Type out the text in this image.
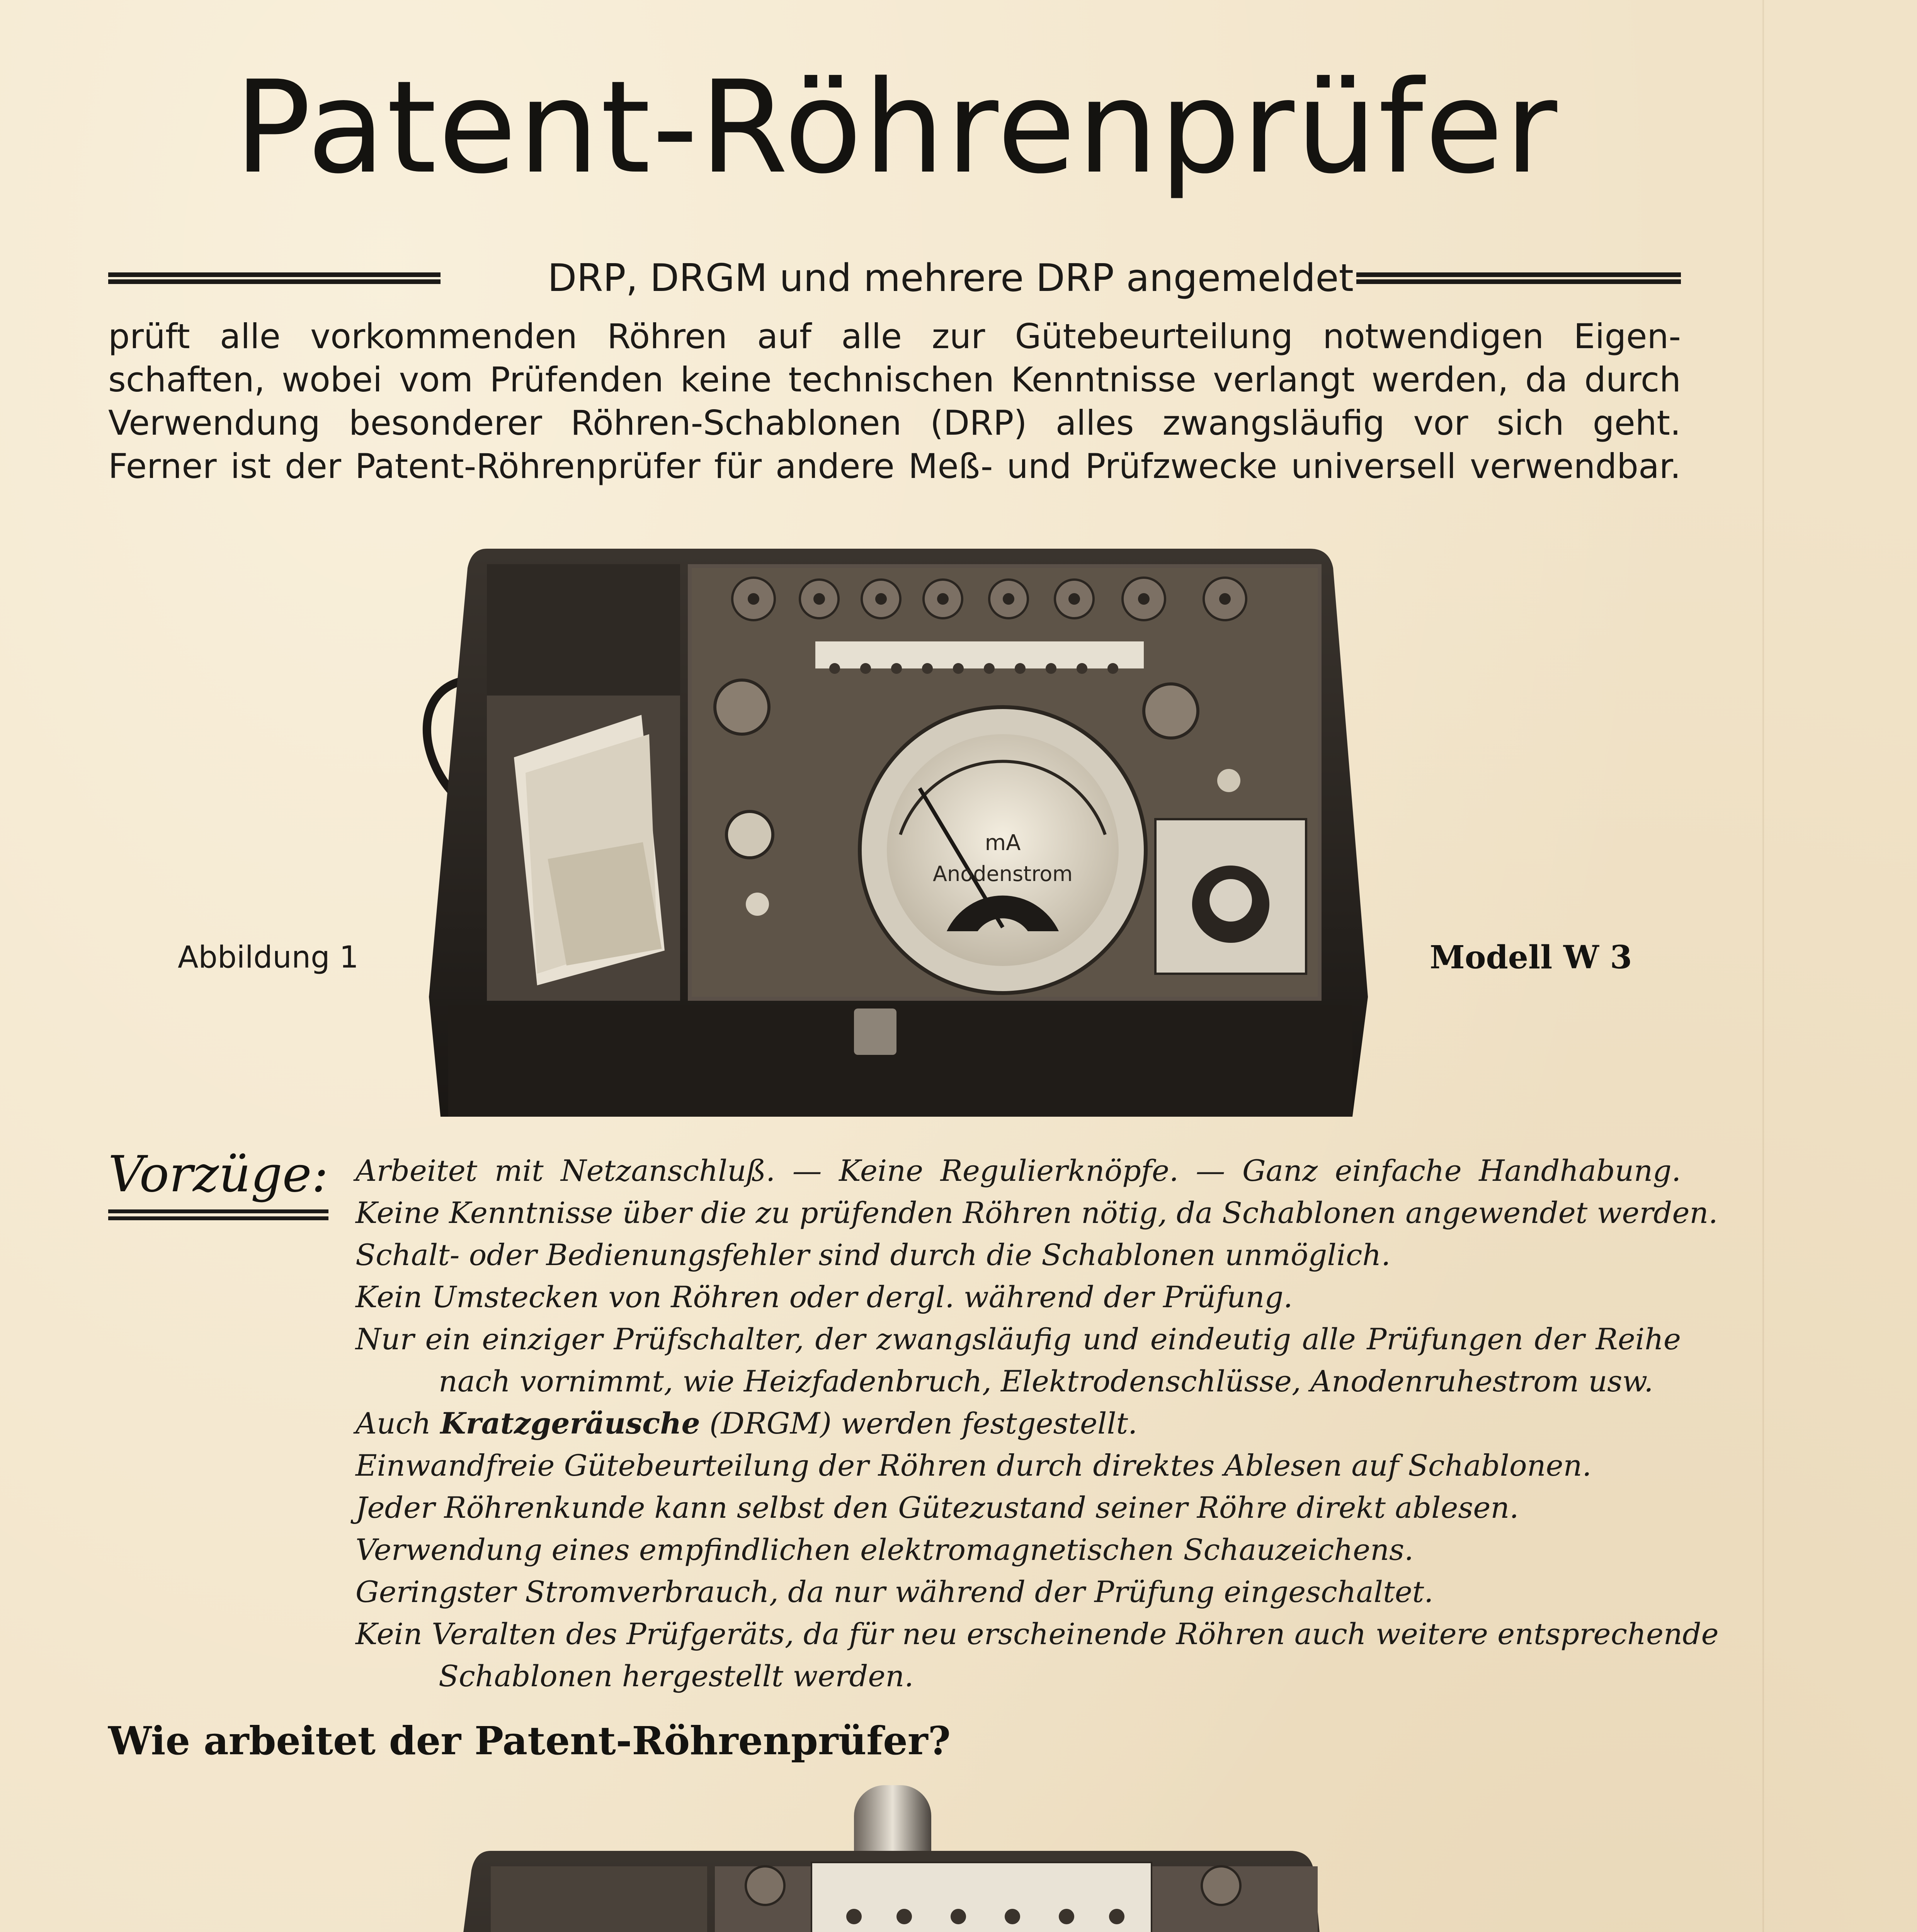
Patent-Röhrenprüfer
DRP, DRGM und mehrere DRP angemeldet
prüft alle vorkommenden Röhren auf alle zur Gütebeurteilung notwendigen Eigen-
schaften, wobei vom Prüfenden keine technischen Kenntnisse verlangt werden, da durch
Verwendung besonderer Röhren-Schablonen (DRP) alles zwangsläufig vor sich geht.
Ferner ist der Patent-Röhrenprüfer für andere Meß- und Prüfzwecke universell verwendbar.
mA
Anodenstrom
Abbildung 1	Modell W 3
Vorzüge: Arbeitet mit Netzanschluß. — Keine Regulierknöpfe. — Ganz einfache Handhabung.
Keine Kenntnisse über die zu prüfenden Röhren nötig, da Schablonen angewendet werden.
Schalt- oder Bedienungsfehler sind durch die Schablonen unmöglich.
Kein Umstecken von Röhren oder dergl. während der Prüfung.
Nur ein einziger Prüfschalter, der zwangsläufig und eindeutig alle Prüfungen der Reihe
nach vornimmt, wie Heizfadenbruch, Elektrodenschlüsse, Anodenruhestrom usw.
Auch Kratzgeräusche (DRGM) werden festgestellt.
Einwandfreie Gütebeurteilung der Röhren durch direktes Ablesen auf Schablonen.
Jeder Röhrenkunde kann selbst den Gütezustand seiner Röhre direkt ablesen.
Verwendung eines empfindlichen elektromagnetischen Schauzeichens.
Geringster Stromverbrauch, da nur während der Prüfung eingeschaltet.
Kein Veralten des Prüfgeräts, da für neu erscheinende Röhren auch weitere entsprechende
Schablonen hergestellt werden.
Wie arbeitet der Patent-Röhrenprüfer?
